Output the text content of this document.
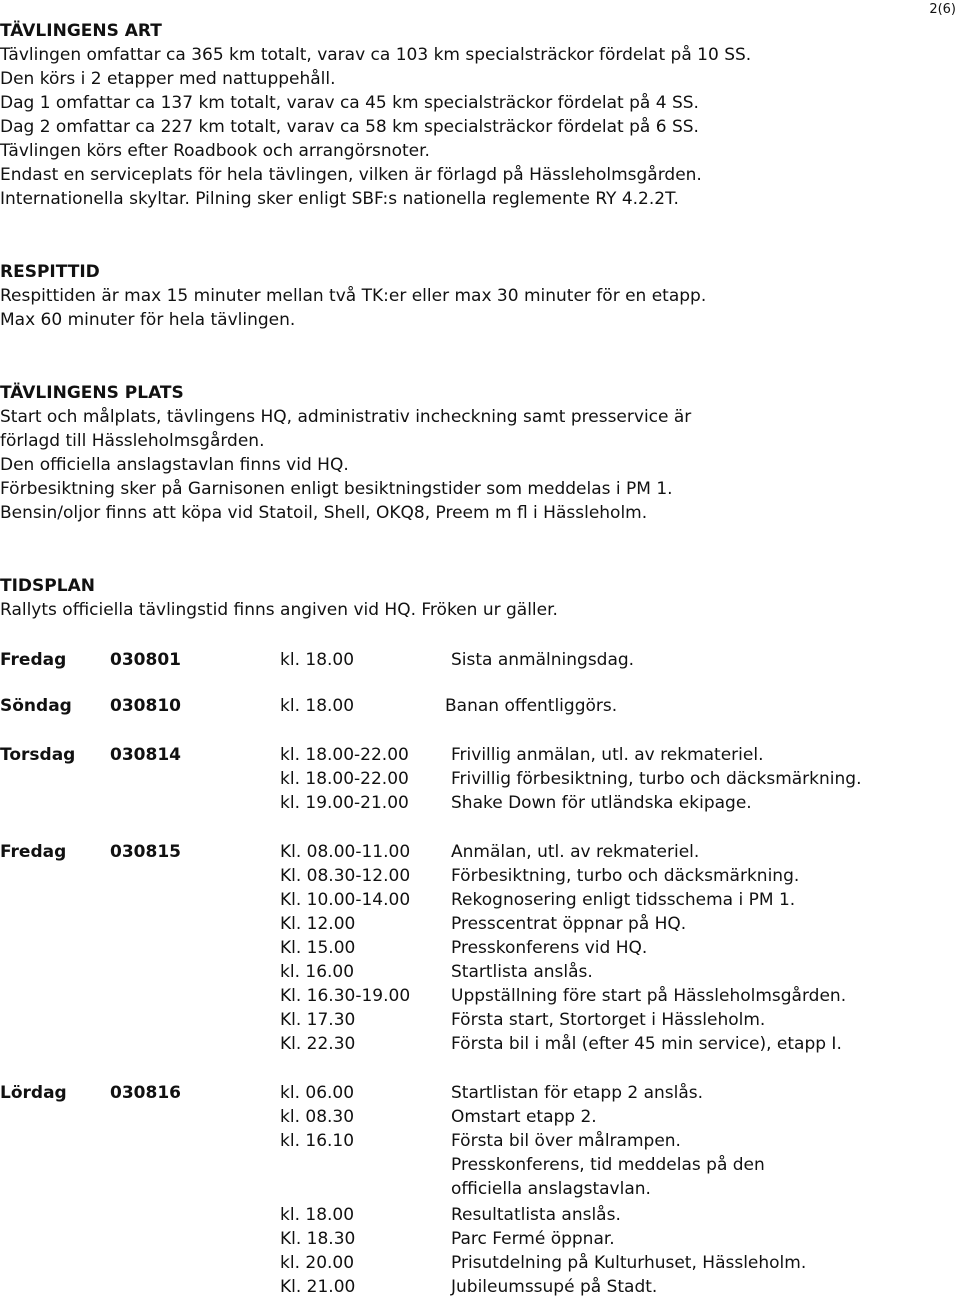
2(6)
TÄVLINGENS ART
Tävlingen omfattar ca 365 km totalt, varav ca 103 km specialsträckor fördelat på 10 SS.
Den körs i 2 etapper med nattuppehåll.
Dag 1 omfattar ca 137 km totalt, varav ca 45 km specialsträckor fördelat på 4 SS.
Dag 2 omfattar ca 227 km totalt, varav ca 58 km specialsträckor fördelat på 6 SS.
Tävlingen körs efter Roadbook och arrangörsnoter.
Endast en serviceplats för hela tävlingen, vilken är förlagd på Hässleholmsgården.
Internationella skyltar. Pilning sker enligt SBF:s nationella reglemente RY 4.2.2T.
RESPITTID
Respittiden är max 15 minuter mellan två TK:er eller max 30 minuter för en etapp.
Max 60 minuter för hela tävlingen.
TÄVLINGENS PLATS
Start och målplats, tävlingens HQ, administrativ incheckning samt presservice är
förlagd till Hässleholmsgården.
Den officiella anslagstavlan finns vid HQ.
Förbesiktning sker på Garnisonen enligt besiktningstider som meddelas i PM 1.
Bensin/oljor finns att köpa vid Statoil, Shell, OKQ8, Preem m fl i Hässleholm.
TIDSPLAN
Rallyts officiella tävlingstid finns angiven vid HQ. Fröken ur gäller.
Fredag	030801	kl. 18.00	Sista anmälningsdag.
Söndag 030810	kl. 18.00	Banan offentliggörs.
Torsdag 030814	kl. 18.00-22.00 Frivillig anmälan, utl. av rekmateriel.
kl. 18.00-22.00 Frivillig förbesiktning, turbo och däcksmärkning.
kl. 19.00-21.00 Shake Down för utländska ekipage.
Fredag	030815	Kl. 08.00-11.00 Anmälan, utl. av rekmateriel.
Kl. 08.30-12.00 Förbesiktning, turbo och däcksmärkning.
Kl. 10.00-14.00 Rekognosering enligt tidsschema i PM 1.
Kl. 12.00	Presscentrat öppnar på HQ.
Kl. 15.00	Presskonferens vid HQ.
kl. 16.00	Startlista anslås.
Kl. 16.30-19.00 Uppställning före start på Hässleholmsgården.
Kl. 17.30	Första start, Stortorget i Hässleholm.
Kl. 22.30	Första bil i mål (efter 45 min service), etapp I.
Lördag	030816	kl. 06.00	Startlistan för etapp 2 anslås.
kl. 08.30	Omstart etapp 2.
kl. 16.10	Första bil över målrampen.
Presskonferens, tid meddelas på den
officiella anslagstavlan.
kl. 18.00	Resultatlista anslås.
Kl. 18.30	Parc Fermé öppnar.
kl. 20.00	Prisutdelning på Kulturhuset, Hässleholm.
Kl. 21.00	Jubileumssupé på Stadt.
